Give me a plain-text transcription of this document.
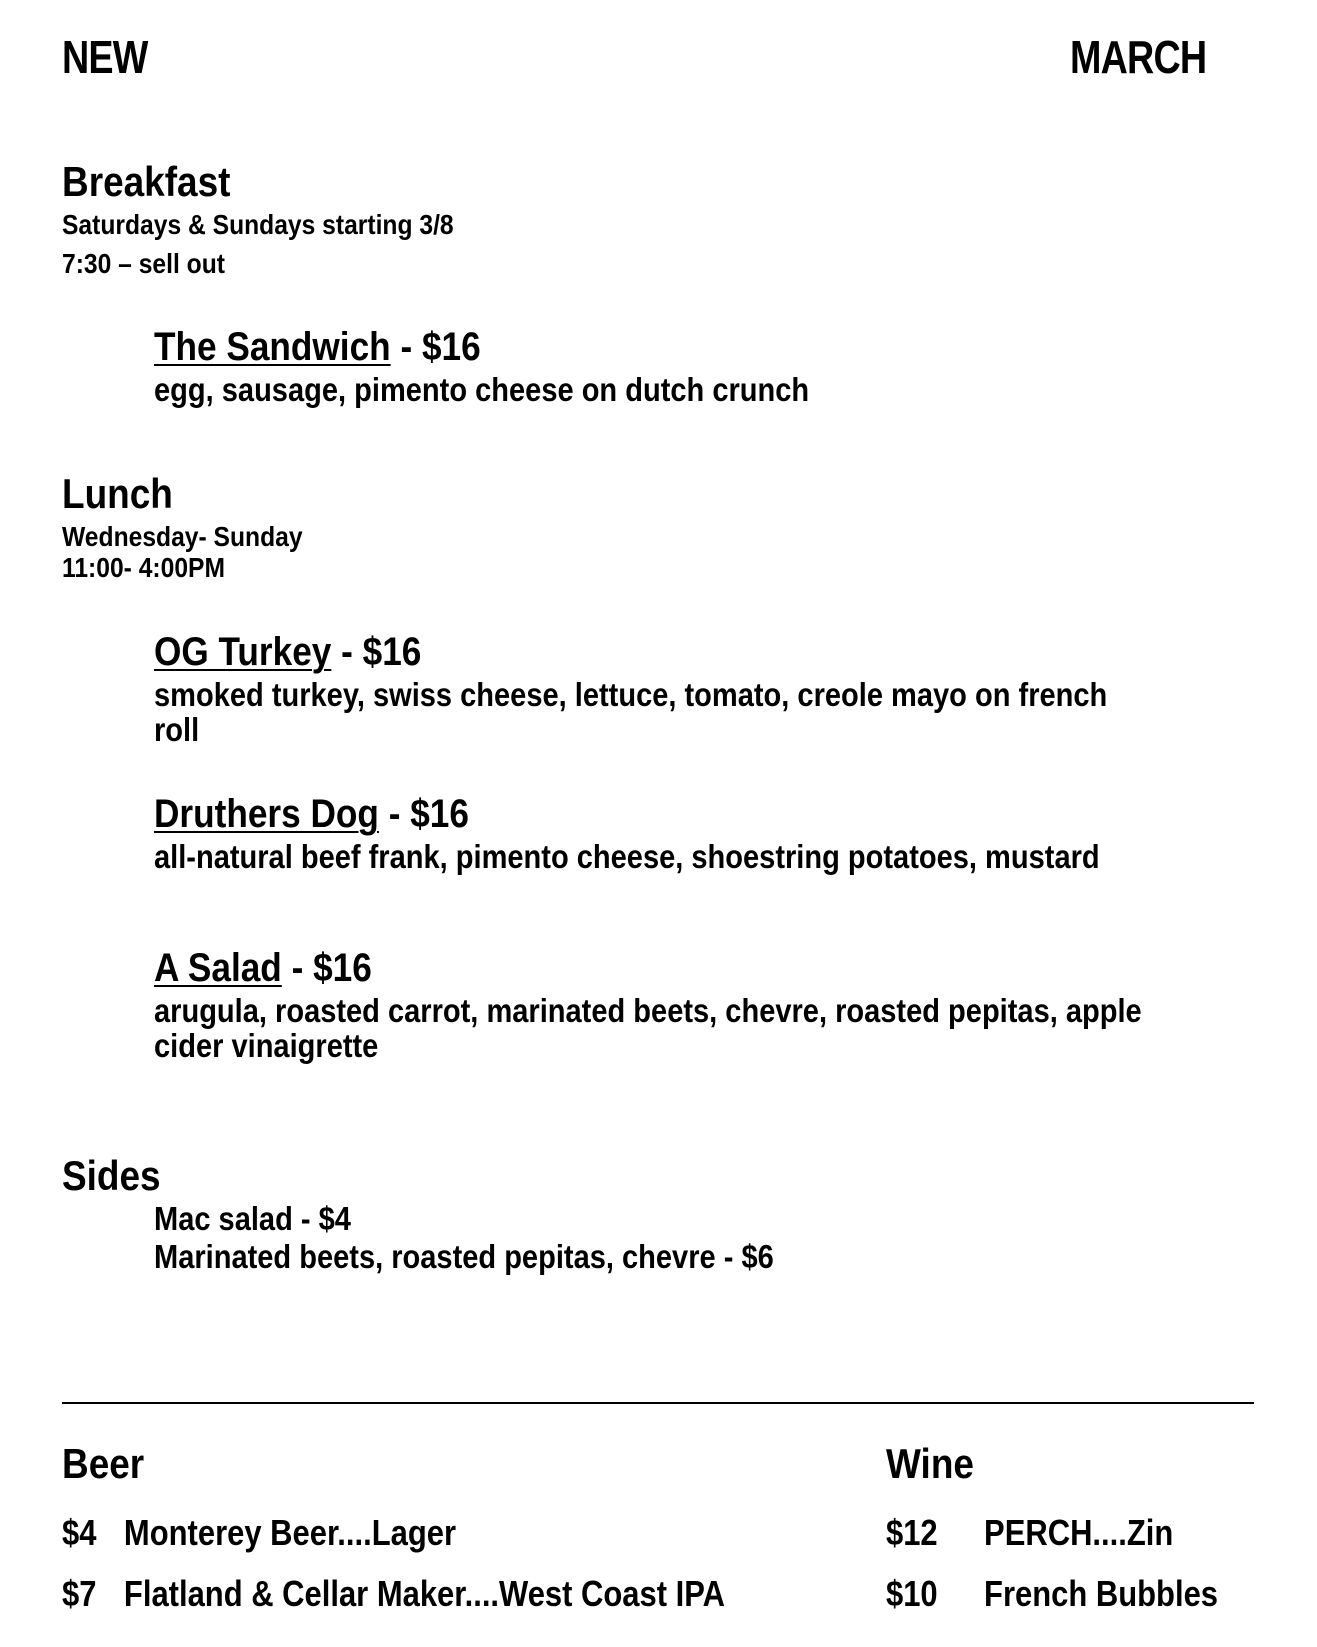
NEW	MARCH
Breakfast
Saturdays & Sundays starting 3/8
7:30 – sell out
The Sandwich - $16
egg, sausage, pimento cheese on dutch crunch
Lunch
Wednesday- Sunday
11:00- 4:00PM
OG Turkey - $16
smoked turkey, swiss cheese, lettuce, tomato, creole mayo on french roll
Druthers Dog - $16
all-natural beef frank, pimento cheese, shoestring potatoes, mustard
A Salad - $16
arugula, roasted carrot, marinated beets, chevre, roasted pepitas, apple cider vinaigrette
Sides
Mac salad - $4
Marinated beets, roasted pepitas, chevre - $6
Beer
$4 Monterey Beer....Lager
$7 Flatland & Cellar Maker....West Coast IPA
Wine
$12 PERCH....Zin
$10 French Bubbles
